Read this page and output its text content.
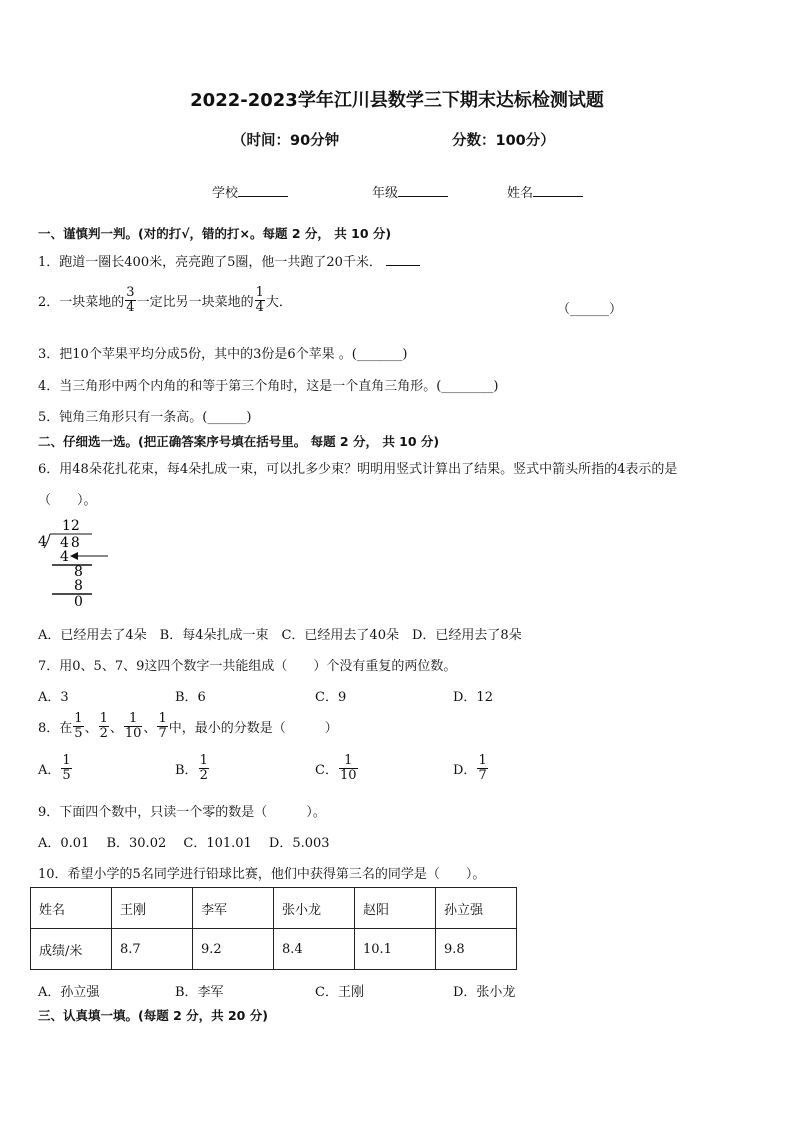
2022-2023学年江川县数学三下期末达标检测试题
（时间：90分钟	分数：100分）
学校	年级	姓名
一、谨慎判一判。(对的打√，错的打×。每题 2 分， 共 10 分)
1．跑道一圈长400米，亮亮跑了5圈，他一共跑了20千米．
2．一块菜地的 $\frac{3}{4}$ 一定比另一块菜地的 $\frac{1}{4}$ 大．	（______）
3．把10个苹果平均分成5份，其中的3份是6个苹果 。(_______)
4．当三角形中两个内角的和等于第三个角时，这是一个直角三角形。(________)
5．钝角三角形只有一条高。(______)
二、仔细选一选。(把正确答案序号填在括号里。 每题 2 分， 共 10 分)
6．用48朵花扎花束，每4朵扎成一束，可以扎多少束？明明用竖式计算出了结果。竖式中箭头所指的4表示的是
（　　）。
12
4 48
4
8
8
0
A．已经用去了4朵　B．每4朵扎成一束　C．已经用去了40朵　D．已经用去了8朵
7．用0、5、7、9这四个数字一共能组成（　　）个没有重复的两位数。
A．3	B．6	C．9	D．12
8．在 $\frac{1}{5}$ 、 $\frac{1}{2}$ 、 $\frac{1}{10}$ 、 $\frac{1}{7}$ 中，最小的分数是（　　　）
A． $\frac{1}{5}$	B． $\frac{1}{2}$	C． $\frac{1}{10}$	D． $\frac{1}{7}$
9．下面四个数中，只读一个零的数是（　　　）。
A．0.01　 B．30.02　 C．101.01　 D．5.003
10．希望小学的5名同学进行铅球比赛，他们中获得第三名的同学是（　　）。
姓名	王刚	李军	张小龙	赵阳	孙立强
成绩/米	8.7	9.2	8.4	10.1	9.8
A．孙立强	B．李军	C．王刚	D．张小龙
三、认真填一填。(每题 2 分，共 20 分)
